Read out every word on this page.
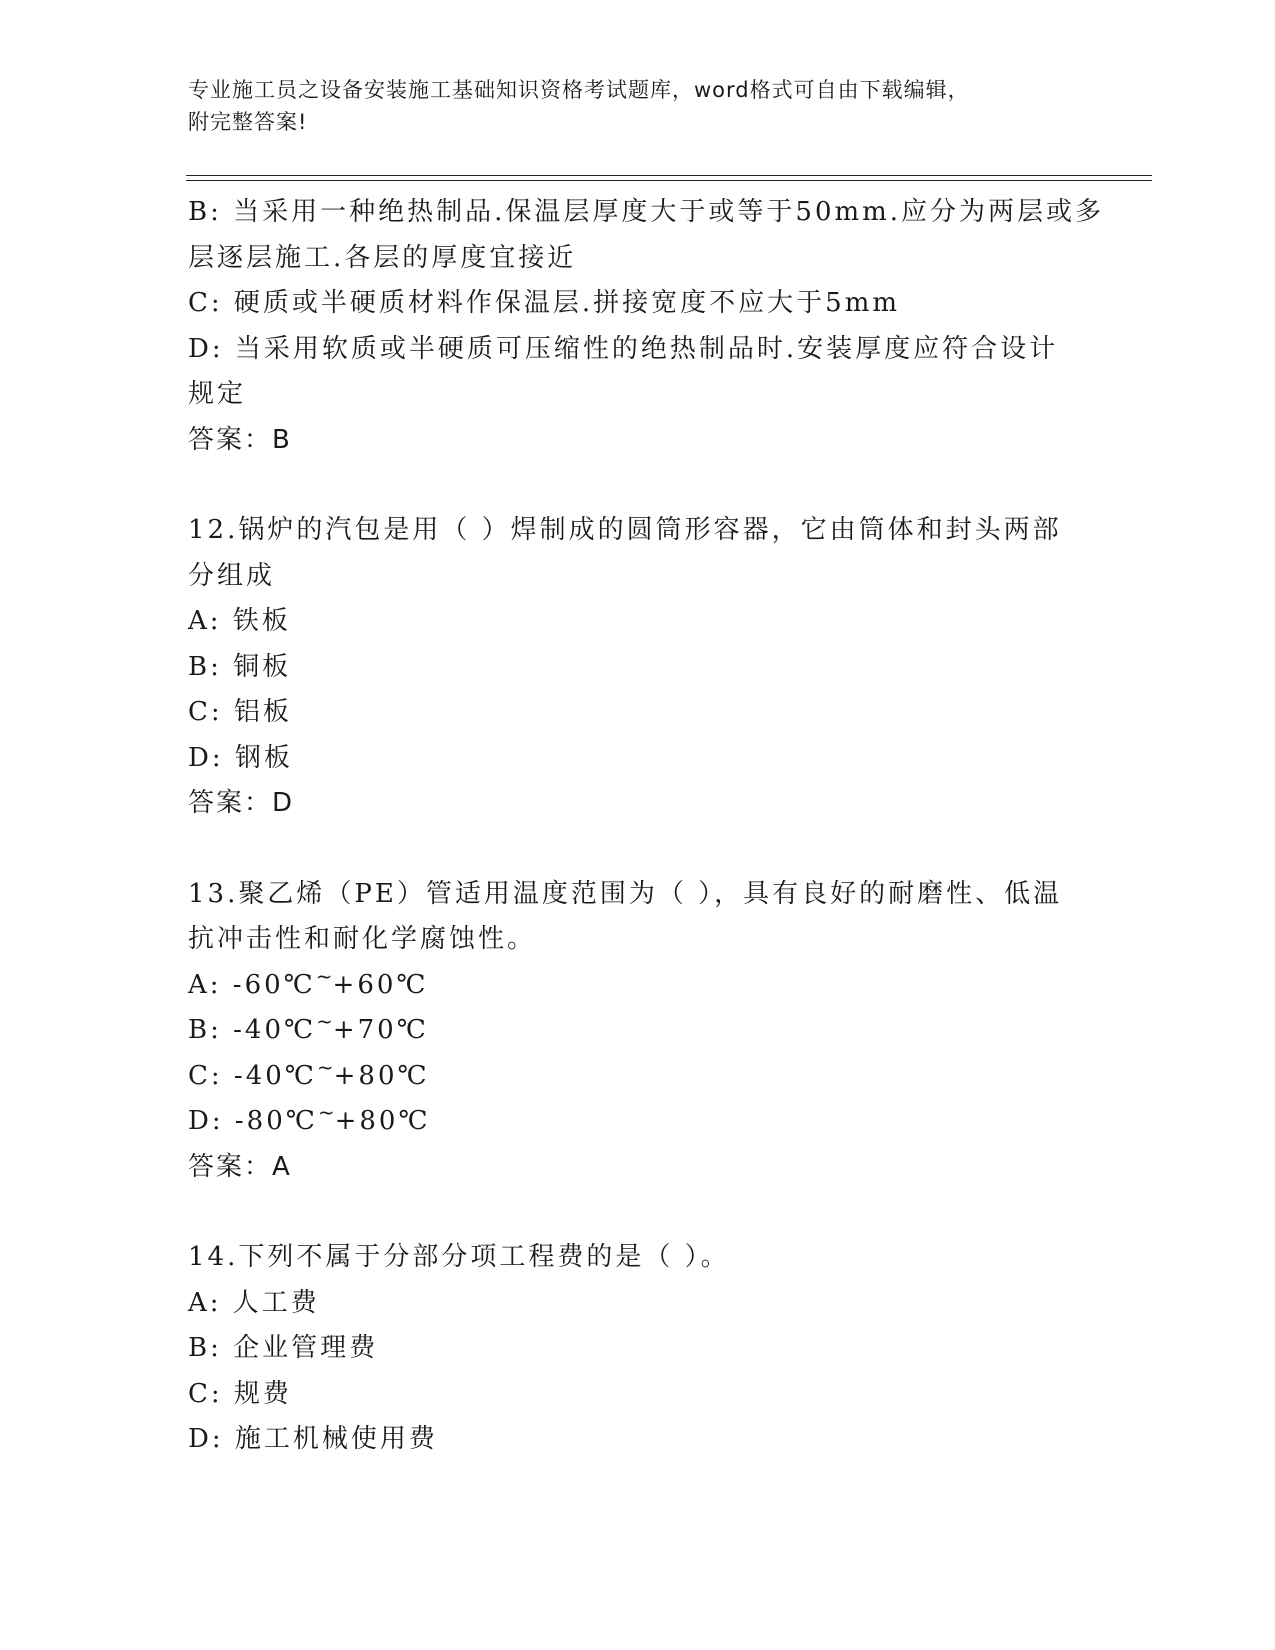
专业施工员之设备安装施工基础知识资格考试题库，word格式可自由下载编辑，
附完整答案!
B: 当采用一种绝热制品.保温层厚度大于或等于50mm.应分为两层或多
层逐层施工.各层的厚度宜接近
C: 硬质或半硬质材料作保温层.拼接宽度不应大于5mm
D: 当采用软质或半硬质可压缩性的绝热制品时.安装厚度应符合设计
规定
答案：B
12.锅炉的汽包是用（ ）焊制成的圆筒形容器，它由筒体和封头两部
分组成
A: 铁板
B: 铜板
C: 铝板
D: 钢板
答案：D
13.聚乙烯（PE）管适用温度范围为（ ），具有良好的耐磨性、低温
抗冲击性和耐化学腐蚀性。
A: -60℃~+60℃
B: -40℃~+70℃
C: -40℃~+80℃
D: -80℃~+80℃
答案：A
14.下列不属于分部分项工程费的是（ ）。
A: 人工费
B: 企业管理费
C: 规费
D: 施工机械使用费
